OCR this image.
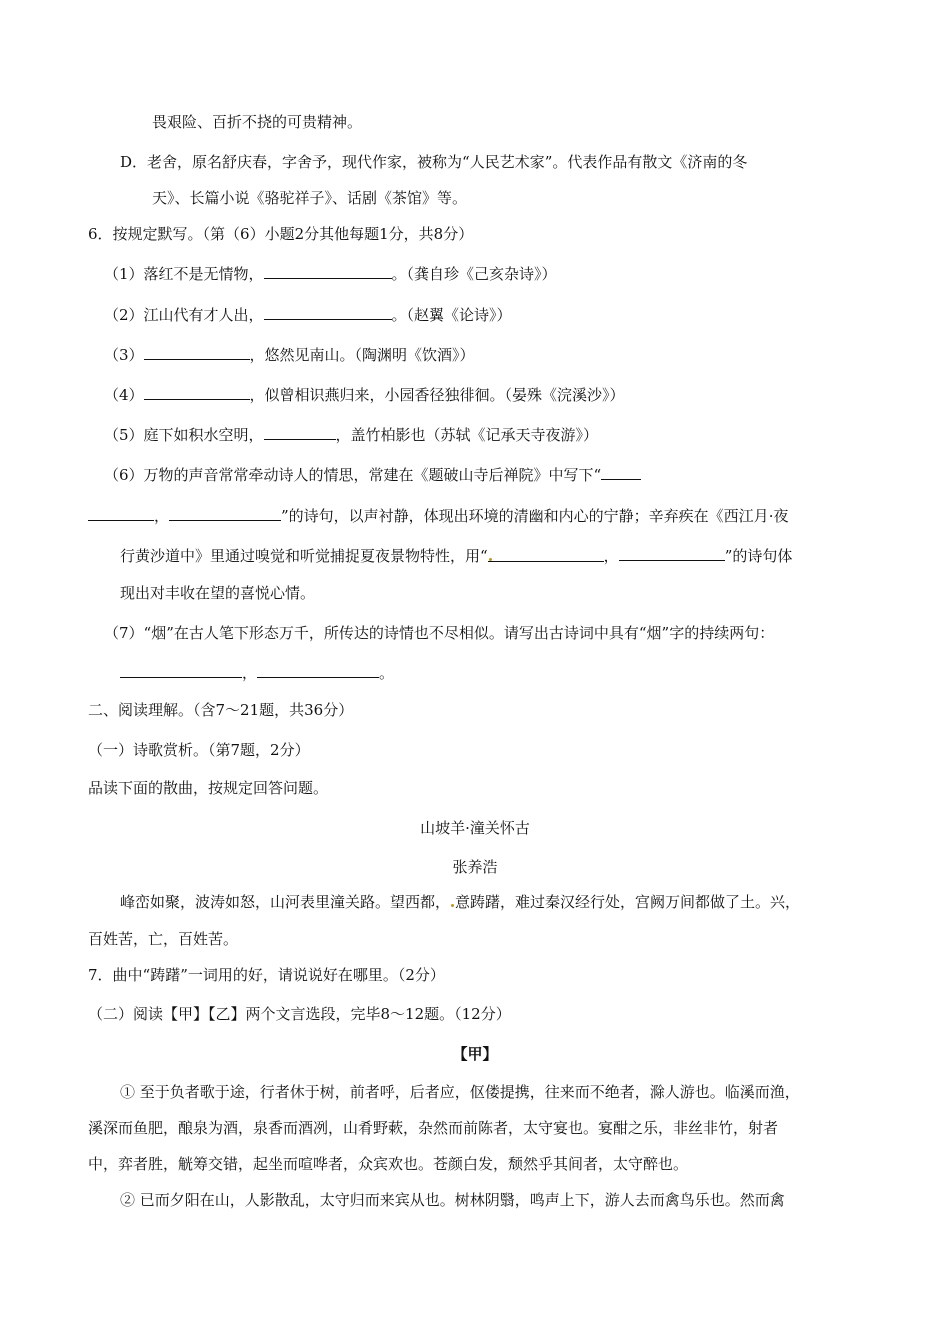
畏艰险、百折不挠的可贵精神。
D．老舍，原名舒庆春，字舍予，现代作家，被称为“人民艺术家”。代表作品有散文《济南的冬
天》、长篇小说《骆驼祥子》、话剧《茶馆》等。
6．按规定默写。（第（6）小题2分其他每题1分，共8分）
（1）落红不是无情物，	。（龚自珍《己亥杂诗》）
（2）江山代有才人出，	。（赵翼《论诗》）
（3）	，悠然见南山。（陶渊明《饮酒》）
（4）	，似曾相识燕归来，小园香径独徘徊。（晏殊《浣溪沙》）
（5）庭下如积水空明，	，盖竹柏影也（苏轼《记承天寺夜游》）
（6）万物的声音常常牵动诗人的情思，常建在《题破山寺后禅院》中写下“
，	”的诗句，以声衬静，体现出环境的清幽和内心的宁静；辛弃疾在《西江月·夜
行黄沙道中》里通过嗅觉和听觉捕捉夏夜景物特性，用“	，	”的诗句体
现出对丰收在望的喜悦心情。
（7）“烟”在古人笔下形态万千，所传达的诗情也不尽相似。请写出古诗词中具有“烟”字的持续两句：
，	。
二、阅读理解。（含7～21题，共36分）
（一）诗歌赏析。（第7题，2分）
品读下面的散曲，按规定回答问题。
山坡羊·潼关怀古
张养浩
峰峦如聚，波涛如怒，山河表里潼关路。望西都， 意踌躇，难过秦汉经行处，宫阙万间都做了土。兴，
百姓苦，亡，百姓苦。
7．曲中“踌躇”一词用的好，请说说好在哪里。（2分）
（二）阅读【甲】【乙】两个文言选段，完毕8～12题。（12分）
【甲】
① 至于负者歌于途，行者休于树，前者呼，后者应，伛偻提携，往来而不绝者，滁人游也。临溪而渔，
溪深而鱼肥，酿泉为酒，泉香而酒冽，山肴野蔌，杂然而前陈者，太守宴也。宴酣之乐，非丝非竹，射者
中，弈者胜，觥筹交错，起坐而喧哗者，众宾欢也。苍颜白发，颓然乎其间者，太守醉也。
② 已而夕阳在山，人影散乱，太守归而来宾从也。树林阴翳，鸣声上下，游人去而禽鸟乐也。然而禽
